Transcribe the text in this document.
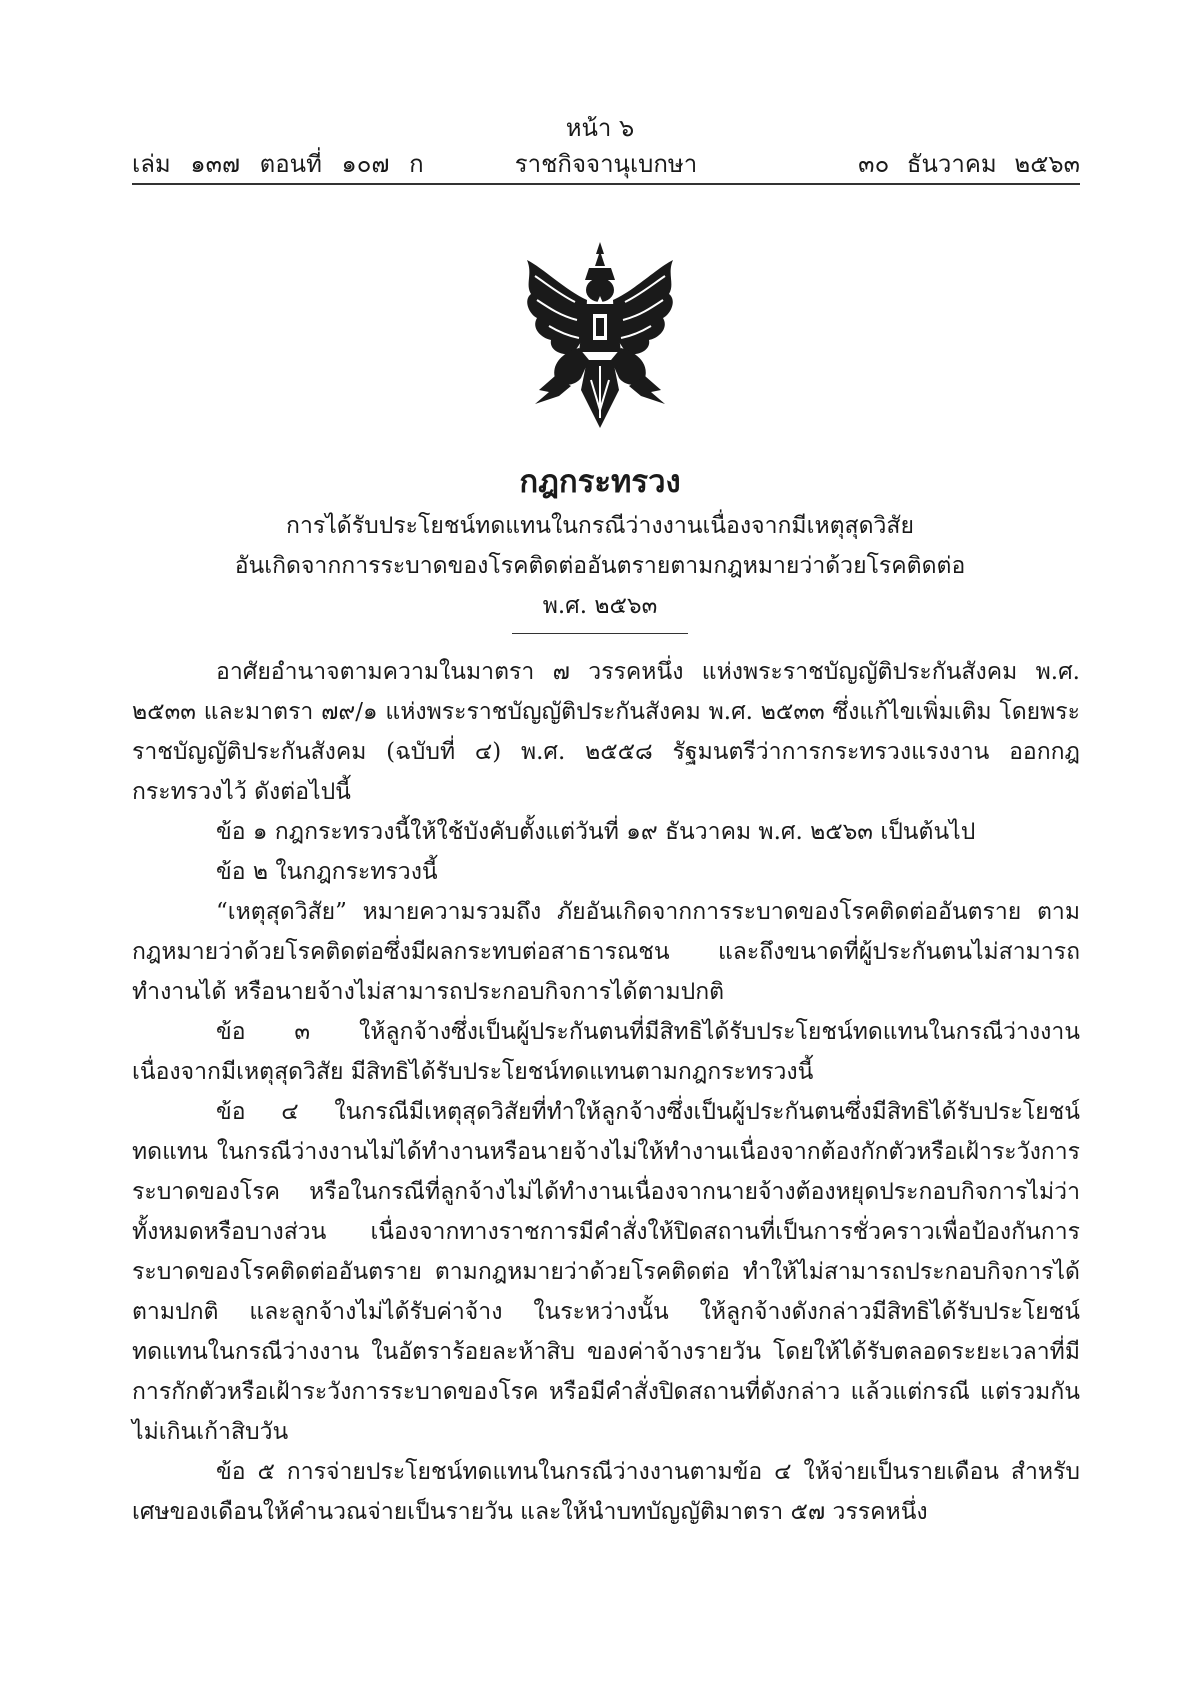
หน้า ๖
เล่ม ๑๓๗ ตอนที่ ๑๐๗ ก	ราชกิจจานุเบกษา	๓๐ ธันวาคม ๒๕๖๓
กฎกระทรวง
การได้รับประโยชน์ทดแทนในกรณีว่างงานเนื่องจากมีเหตุสุดวิสัย
อันเกิดจากการระบาดของโรคติดต่ออันตรายตามกฎหมายว่าด้วยโรคติดต่อ
พ.ศ. ๒๕๖๓

อาศัยอำนาจตามความในมาตรา ๗ วรรคหนึ่ง แห่งพระราชบัญญัติประกันสังคม พ.ศ. ๒๕๓๓ และมาตรา ๗๙/๑ แห่งพระราชบัญญัติประกันสังคม พ.ศ. ๒๕๓๓ ซึ่งแก้ไขเพิ่มเติม โดยพระราชบัญญัติประกันสังคม (ฉบับที่ ๔) พ.ศ. ๒๕๕๘ รัฐมนตรีว่าการกระทรวงแรงงาน ออกกฎกระทรวงไว้ ดังต่อไปนี้

ข้อ ๑ กฎกระทรวงนี้ให้ใช้บังคับตั้งแต่วันที่ ๑๙ ธันวาคม พ.ศ. ๒๕๖๓ เป็นต้นไป

ข้อ ๒ ในกฎกระทรวงนี้

“เหตุสุดวิสัย” หมายความรวมถึง ภัยอันเกิดจากการระบาดของโรคติดต่ออันตราย ตามกฎหมายว่าด้วยโรคติดต่อซึ่งมีผลกระทบต่อสาธารณชน และถึงขนาดที่ผู้ประกันตนไม่สามารถ ทำงานได้ หรือนายจ้างไม่สามารถประกอบกิจการได้ตามปกติ

ข้อ ๓ ให้ลูกจ้างซึ่งเป็นผู้ประกันตนที่มีสิทธิได้รับประโยชน์ทดแทนในกรณีว่างงาน เนื่องจากมีเหตุสุดวิสัย มีสิทธิได้รับประโยชน์ทดแทนตามกฎกระทรวงนี้

ข้อ ๔ ในกรณีมีเหตุสุดวิสัยที่ทำให้ลูกจ้างซึ่งเป็นผู้ประกันตนซึ่งมีสิทธิได้รับประโยชน์ทดแทน ในกรณีว่างงานไม่ได้ทำงานหรือนายจ้างไม่ให้ทำงานเนื่องจากต้องกักตัวหรือเฝ้าระวังการระบาดของโรค หรือในกรณีที่ลูกจ้างไม่ได้ทำงานเนื่องจากนายจ้างต้องหยุดประกอบกิจการไม่ว่าทั้งหมดหรือบางส่วน เนื่องจากทางราชการมีคำสั่งให้ปิดสถานที่เป็นการชั่วคราวเพื่อป้องกันการระบาดของโรคติดต่ออันตราย ตามกฎหมายว่าด้วยโรคติดต่อ ทำให้ไม่สามารถประกอบกิจการได้ตามปกติ และลูกจ้างไม่ได้รับค่าจ้าง ในระหว่างนั้น ให้ลูกจ้างดังกล่าวมีสิทธิได้รับประโยชน์ทดแทนในกรณีว่างงาน ในอัตราร้อยละห้าสิบ ของค่าจ้างรายวัน โดยให้ได้รับตลอดระยะเวลาที่มีการกักตัวหรือเฝ้าระวังการระบาดของโรค หรือมีคำสั่งปิดสถานที่ดังกล่าว แล้วแต่กรณี แต่รวมกันไม่เกินเก้าสิบวัน

ข้อ ๕ การจ่ายประโยชน์ทดแทนในกรณีว่างงานตามข้อ ๔ ให้จ่ายเป็นรายเดือน สำหรับเศษของเดือนให้คำนวณจ่ายเป็นรายวัน และให้นำบทบัญญัติมาตรา ๕๗ วรรคหนึ่ง
